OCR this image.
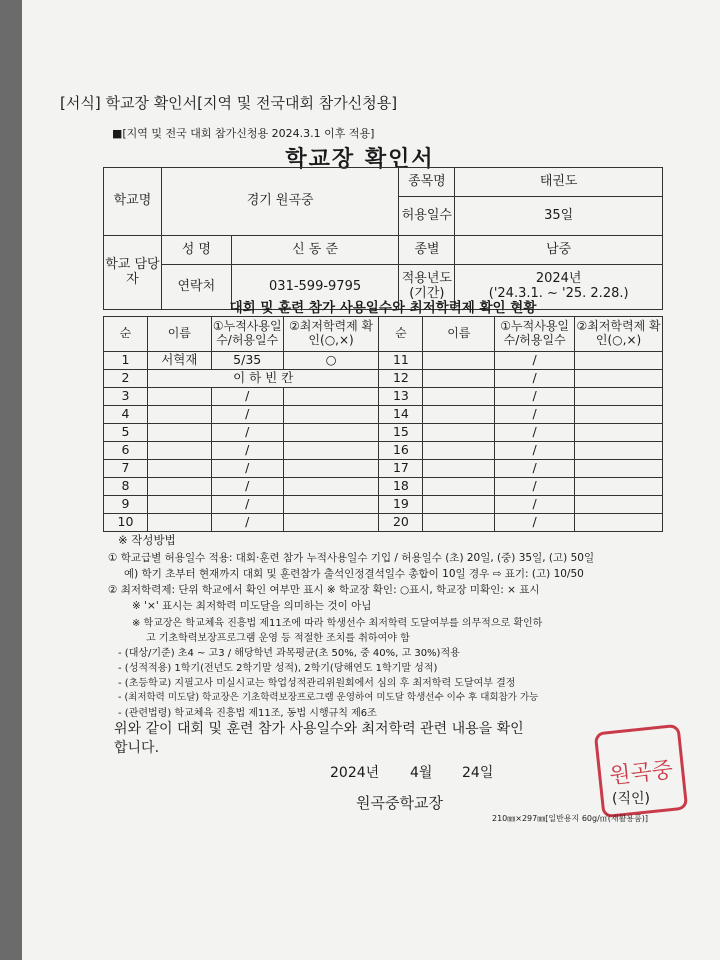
[서식] 학교장 확인서[지역 및 전국대회 참가신청용]
■[지역 및 전국 대회 참가신청용 2024.3.1 이후 적용]
학교장 확인서
학교명	경기 원곡중		종목명	태권도
			허용일수	35일
학교 담당자	성 명	신 동 준	종별	남중
	연락처	031-599-9795	적용년도 (기간)	2024년
('24.3.1. ~ '25. 2.28.)
대회 및 훈련 참가 사용일수와 최저학력제 확인 현황
순	이름	①누적사용일수/허용일수	②최저학력제 확인(○,×)	순	이름	①누적사용일수/허용일수	②최저학력제 확인(○,×)
1	서혁재	5/35	○	11		/	
2	이 하 빈 칸			12		/	
3		/		13		/	
4		/		14		/	
5		/		15		/	
6		/		16		/	
7		/		17		/	
8		/		18		/	
9		/		19		/	
10		/		20		/	
※ 작성방법
① 학교급별 허용일수 적용: 대회·훈련 참가 누적사용일수 기입 / 허용일수 (초) 20일, (중) 35일, (고) 50일
예) 학기 초부터 현재까지 대회 및 훈련참가 출석인정결석일수 총합이 10일 경우 ⇨ 표기: (고) 10/50
② 최저학력제: 단위 학교에서 확인 여부만 표시 ※ 학교장 확인: ○표시, 학교장 미확인: × 표시
※ '×' 표시는 최저학력 미도달을 의미하는 것이 아님
※ 학교장은 학교체육 진흥법 제11조에 따라 학생선수 최저학력 도달여부를 의무적으로 확인하
고 기초학력보장프로그램 운영 등 적절한 조치를 취하여야 함
- (대상/기준) 초4 ~ 고3 / 해당학년 과목평균(초 50%, 중 40%, 고 30%)적용
- (성적적용) 1학기(전년도 2학기말 성적), 2학기(당해연도 1학기말 성적)
- (초등학교) 지필고사 미실시교는 학업성적관리위원회에서 심의 후 최저학력 도달여부 결정
- (최저학력 미도달) 학교장은 기초학력보장프로그램 운영하여 미도달 학생선수 이수 후 대회참가 가능
- (관련법령) 학교체육 진흥법 제11조, 동법 시행규칙 제6조
위와 같이 대회 및 훈련 참가 사용일수와 최저학력 관련 내용을 확인
합니다.
2024년 4월 24일
원곡중학교장	(직인)
원곡중
210㎜×297㎜[일반용지 60g/㎡(재활용품)]
